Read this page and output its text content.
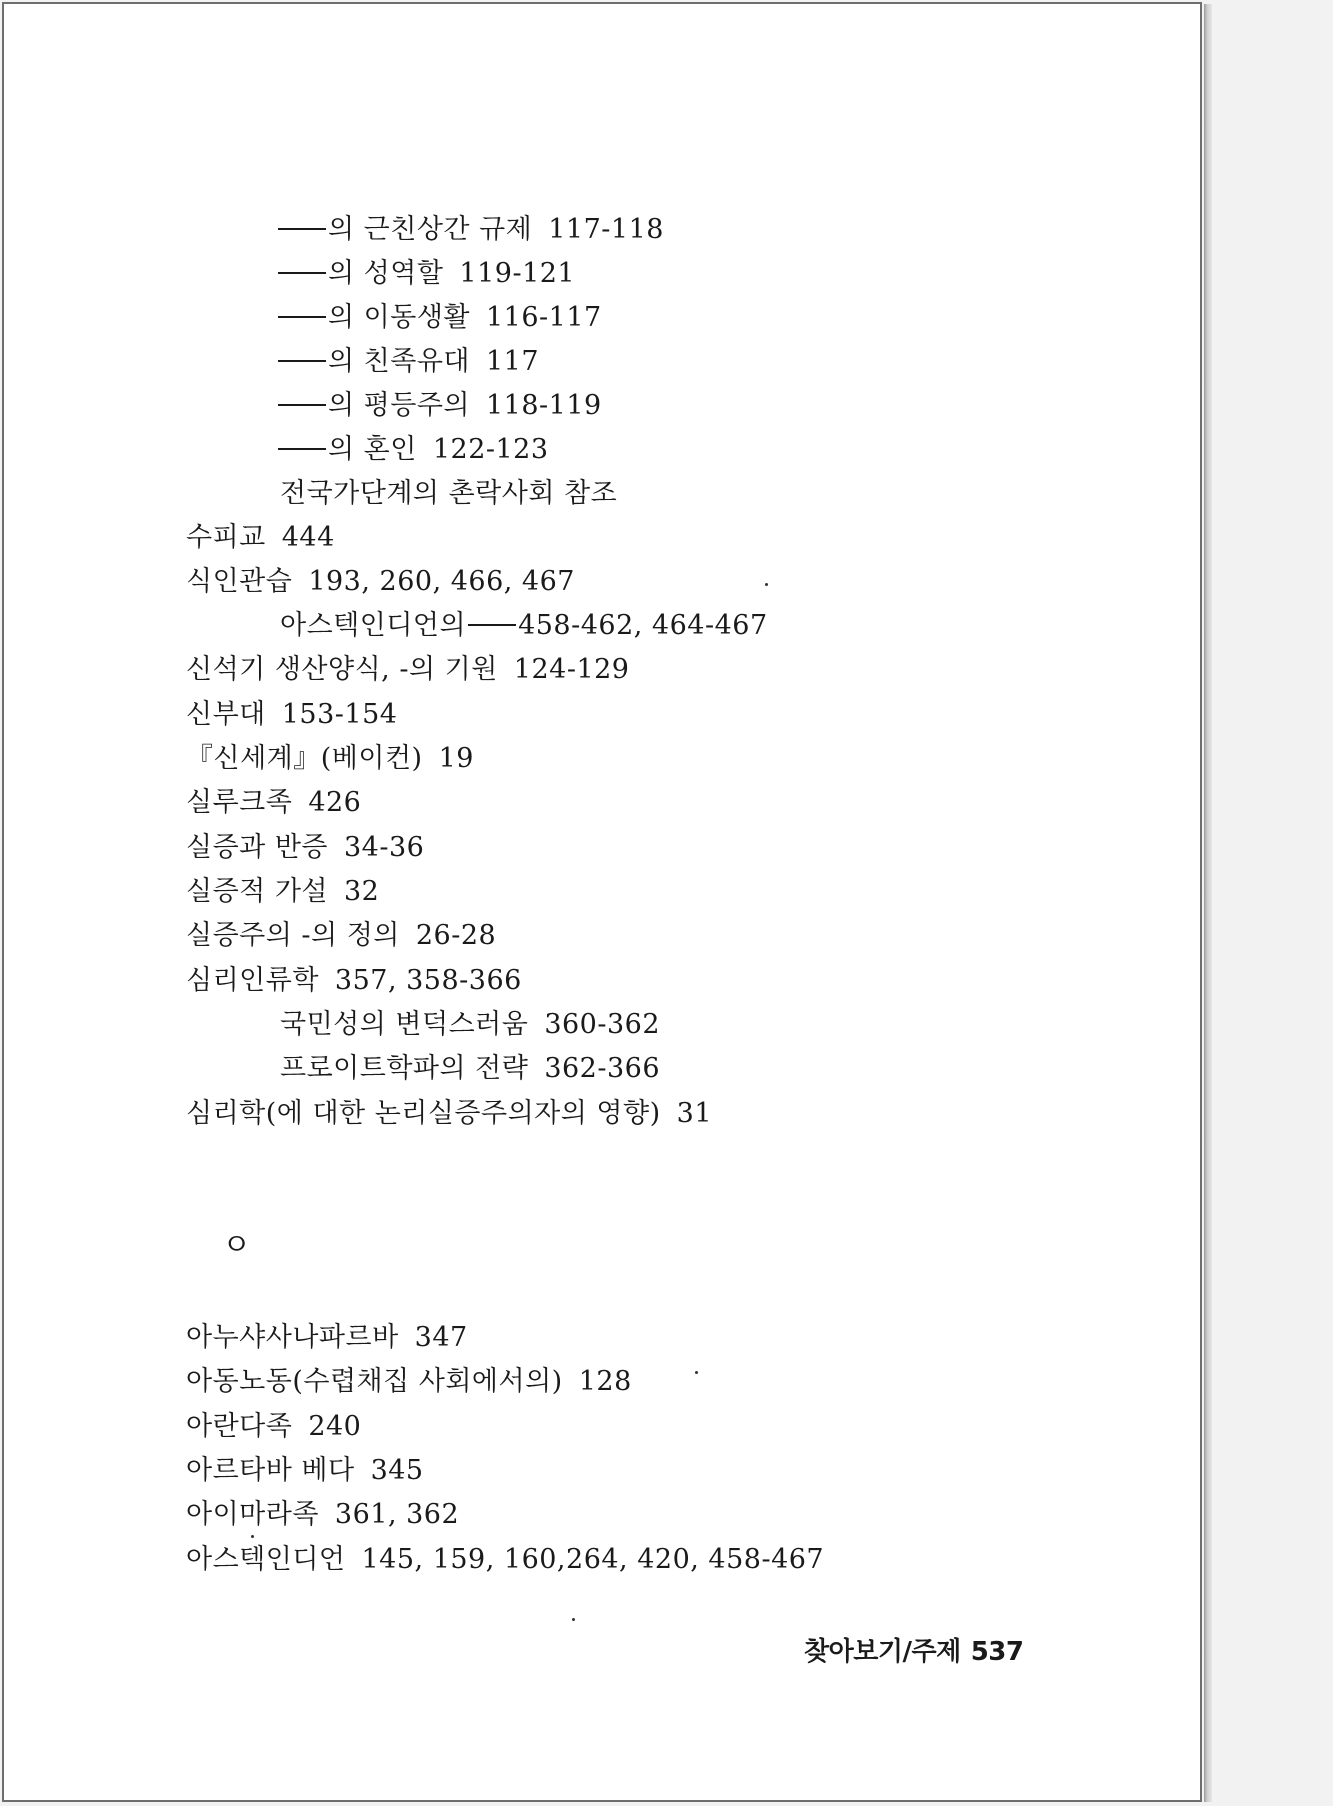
의 근친상간 규제 117-118
의 성역할 119-121
의 이동생활 116-117
의 친족유대 117
의 평등주의 118-119
의 혼인 122-123
전국가단계의 촌락사회 참조
수피교 444
식인관습 193, 260, 466, 467
아스텍인디언의 458-462, 464-467
신석기 생산양식, -의 기원 124-129
신부대 153-154
『신세계』(베이컨) 19
실루크족 426
실증과 반증 34-36
실증적 가설 32
실증주의 -의 정의 26-28
심리인류학 357, 358-366
국민성의 변덕스러움 360-362
프로이트학파의 전략 362-366
심리학(에 대한 논리실증주의자의 영향) 31
ㅇ
아누샤사나파르바 347
아동노동(수렵채집 사회에서의) 128
아란다족 240
아르타바 베다 345
아이마라족 361, 362
아스텍인디언 145, 159, 160,264, 420, 458-467
찾아보기/주제 537
